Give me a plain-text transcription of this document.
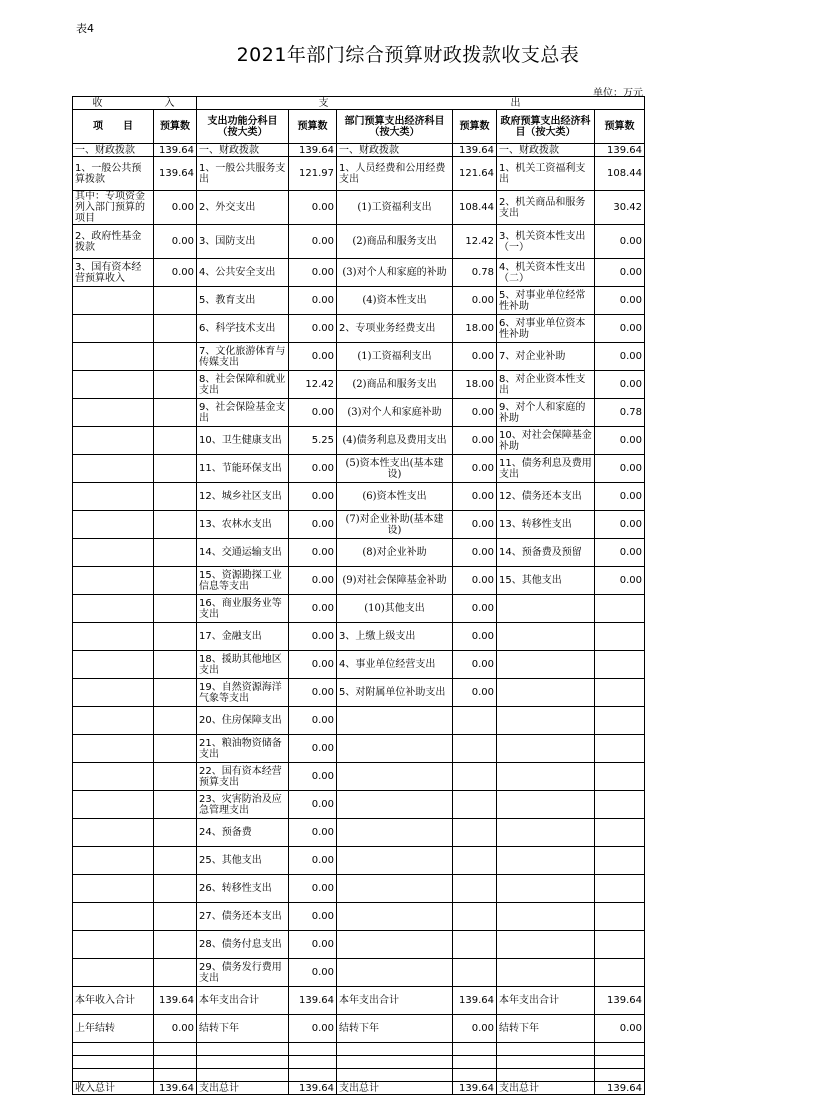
表4
2021年部门综合预算财政拨款收支总表
单位：万元
收　　　　　入		支　　　　　　　　　　　　　　　出					
项　　目	预算数	支出功能分科目（按大类）	预算数	部门预算支出经济科目（按大类）	预算数	政府预算支出经济科目（按大类）	预算数
一、财政拨款	139.64	一、财政拨款	139.64	一、财政拨款	139.64	一、财政拨款	139.64
1、一般公共预算拨款	139.64	1、一般公共服务支出	121.97	1、人员经费和公用经费支出	121.64	1、机关工资福利支出	108.44
其中：专项资金列入部门预算的项目	0.00	2、外交支出	0.00	(1)工资福利支出	108.44	2、机关商品和服务支出	30.42
2、政府性基金拨款	0.00	3、国防支出	0.00	(2)商品和服务支出	12.42	3、机关资本性支出（一）	0.00
3、国有资本经营预算收入	0.00	4、公共安全支出	0.00	(3)对个人和家庭的补助	0.78	4、机关资本性支出（二）	0.00
		5、教育支出	0.00	(4)资本性支出	0.00	5、对事业单位经常性补助	0.00
		6、科学技术支出	0.00	2、专项业务经费支出	18.00	6、对事业单位资本性补助	0.00
		7、文化旅游体育与传媒支出	0.00	(1)工资福利支出	0.00	7、对企业补助	0.00
		8、社会保障和就业支出	12.42	(2)商品和服务支出	18.00	8、对企业资本性支出	0.00
		9、社会保险基金支出	0.00	(3)对个人和家庭补助	0.00	9、对个人和家庭的补助	0.78
		10、卫生健康支出	5.25	(4)债务利息及费用支出	0.00	10、对社会保障基金补助	0.00
		11、节能环保支出	0.00	(5)资本性支出(基本建设)	0.00	11、债务利息及费用支出	0.00
		12、城乡社区支出	0.00	(6)资本性支出	0.00	12、债务还本支出	0.00
		13、农林水支出	0.00	(7)对企业补助(基本建设)	0.00	13、转移性支出	0.00
		14、交通运输支出	0.00	(8)对企业补助	0.00	14、预备费及预留	0.00
		15、资源勘探工业信息等支出	0.00	(9)对社会保障基金补助	0.00	15、其他支出	0.00
		16、商业服务业等支出	0.00	(10)其他支出	0.00		
		17、金融支出	0.00	3、上缴上级支出	0.00		
		18、援助其他地区支出	0.00	4、事业单位经营支出	0.00		
		19、自然资源海洋气象等支出	0.00	5、对附属单位补助支出	0.00		
		20、住房保障支出	0.00				
		21、粮油物资储备支出	0.00				
		22、国有资本经营预算支出	0.00				
		23、灾害防治及应急管理支出	0.00				
		24、预备费	0.00				
		25、其他支出	0.00				
		26、转移性支出	0.00				
		27、债务还本支出	0.00				
		28、债务付息支出	0.00				
		29、债务发行费用支出	0.00				
本年收入合计	139.64	本年支出合计	139.64	本年支出合计	139.64	本年支出合计	139.64
上年结转	0.00	结转下年	0.00	结转下年	0.00	结转下年	0.00

收入总计	139.64	支出总计	139.64	支出总计	139.64	支出总计	139.64
